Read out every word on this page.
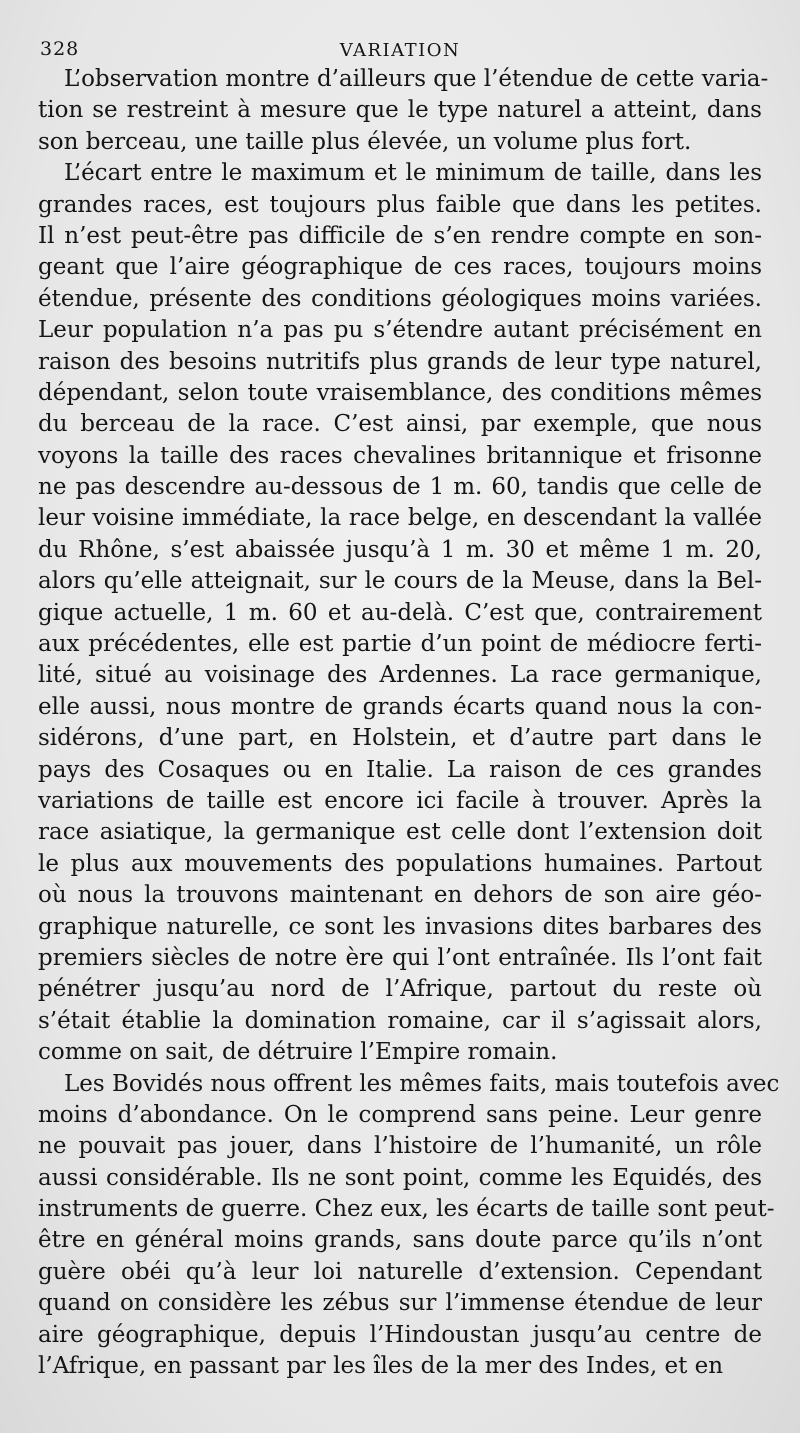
328	VARIATION
L’observation montre d’ailleurs que l’étendue de cette varia-
tion se restreint à mesure que le type naturel a atteint, dans
son berceau, une taille plus élevée, un volume plus fort.
L’écart entre le maximum et le minimum de taille, dans les
grandes races, est toujours plus faible que dans les petites.
Il n’est peut-être pas difficile de s’en rendre compte en son-
geant que l’aire géographique de ces races, toujours moins
étendue, présente des conditions géologiques moins variées.
Leur population n’a pas pu s’étendre autant précisément en
raison des besoins nutritifs plus grands de leur type naturel,
dépendant, selon toute vraisemblance, des conditions mêmes
du berceau de la race. C’est ainsi, par exemple, que nous
voyons la taille des races chevalines britannique et frisonne
ne pas descendre au-dessous de 1 m. 60, tandis que celle de
leur voisine immédiate, la race belge, en descendant la vallée
du Rhône, s’est abaissée jusqu’à 1 m. 30 et même 1 m. 20,
alors qu’elle atteignait, sur le cours de la Meuse, dans la Bel-
gique actuelle, 1 m. 60 et au-delà. C’est que, contrairement
aux précédentes, elle est partie d’un point de médiocre ferti-
lité, situé au voisinage des Ardennes. La race germanique,
elle aussi, nous montre de grands écarts quand nous la con-
sidérons, d’une part, en Holstein, et d’autre part dans le
pays des Cosaques ou en Italie. La raison de ces grandes
variations de taille est encore ici facile à trouver. Après la
race asiatique, la germanique est celle dont l’extension doit
le plus aux mouvements des populations humaines. Partout
où nous la trouvons maintenant en dehors de son aire géo-
graphique naturelle, ce sont les invasions dites barbares des
premiers siècles de notre ère qui l’ont entraînée. Ils l’ont fait
pénétrer jusqu’au nord de l’Afrique, partout du reste où
s’était établie la domination romaine, car il s’agissait alors,
comme on sait, de détruire l’Empire romain.
Les Bovidés nous offrent les mêmes faits, mais toutefois avec
moins d’abondance. On le comprend sans peine. Leur genre
ne pouvait pas jouer, dans l’histoire de l’humanité, un rôle
aussi considérable. Ils ne sont point, comme les Equidés, des
instruments de guerre. Chez eux, les écarts de taille sont peut-
être en général moins grands, sans doute parce qu’ils n’ont
guère obéi qu’à leur loi naturelle d’extension. Cependant
quand on considère les zébus sur l’immense étendue de leur
aire géographique, depuis l’Hindoustan jusqu’au centre de
l’Afrique, en passant par les îles de la mer des Indes, et en
